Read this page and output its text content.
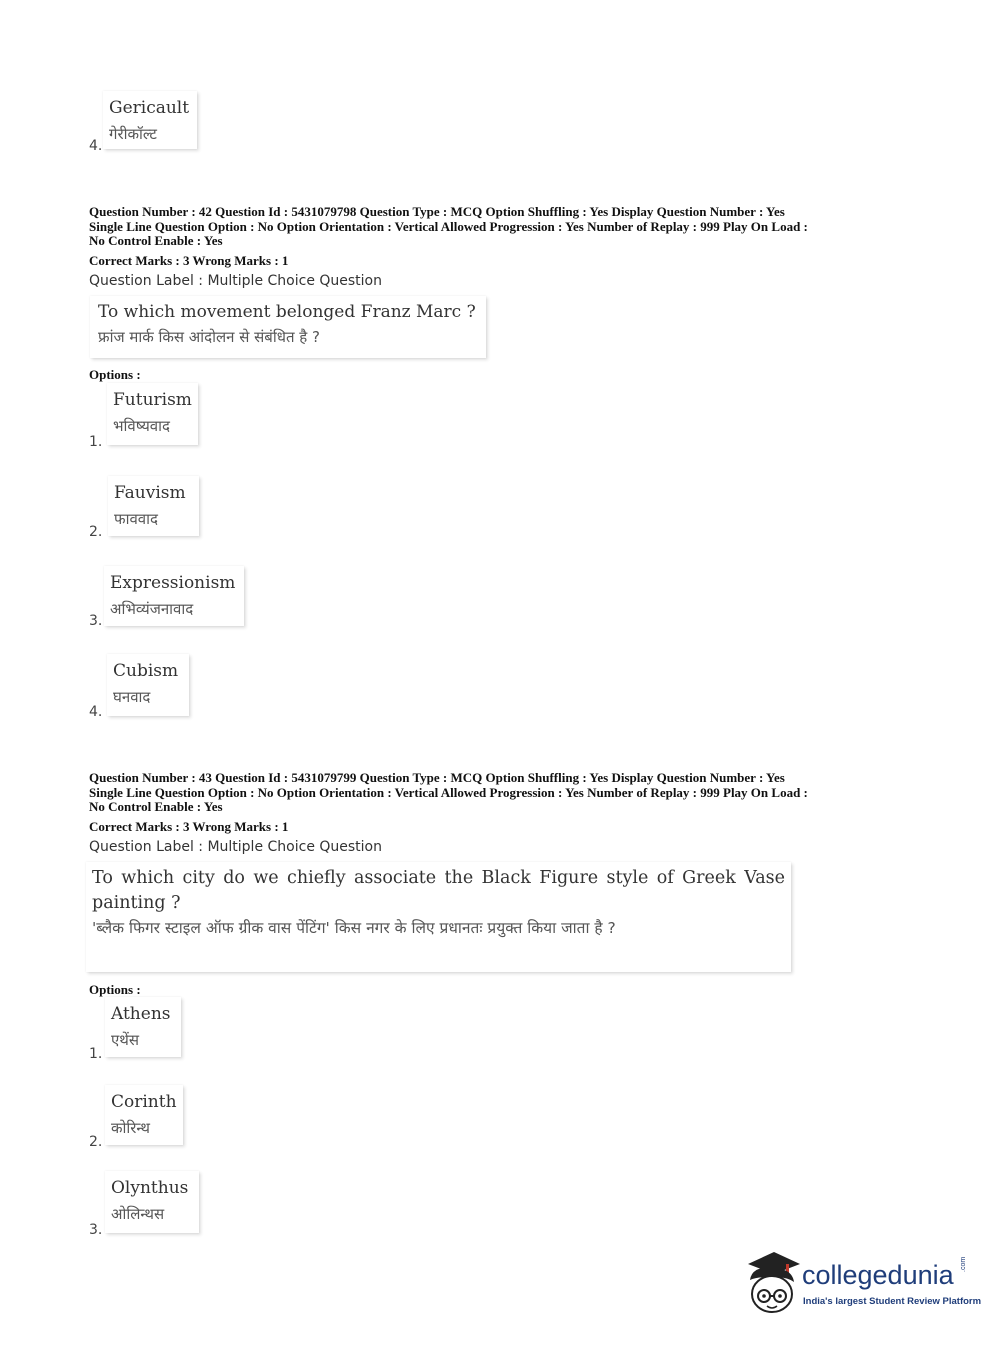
Gericault
गेरीकॉल्ट
4.
Question Number : 42 Question Id : 5431079798 Question Type : MCQ Option Shuffling : Yes Display Question Number : Yes
Single Line Question Option : No Option Orientation : Vertical Allowed Progression : Yes Number of Replay : 999 Play On Load :
No Control Enable : Yes
Correct Marks : 3 Wrong Marks : 1
Question Label : Multiple Choice Question
To which movement belonged Franz Marc ?
फ्रांज मार्क किस आंदोलन से संबंधित है ?
Options :
Futurism
भविष्यवाद
1.
Fauvism
फाववाद
2.
Expressionism
अभिव्यंजनावाद
3.
Cubism
घनवाद
4.
Question Number : 43 Question Id : 5431079799 Question Type : MCQ Option Shuffling : Yes Display Question Number : Yes
Single Line Question Option : No Option Orientation : Vertical Allowed Progression : Yes Number of Replay : 999 Play On Load :
No Control Enable : Yes
Correct Marks : 3 Wrong Marks : 1
Question Label : Multiple Choice Question
To which city do we chiefly associate the Black Figure style of Greek Vase painting ?
'ब्लैक फिगर स्टाइल ऑफ ग्रीक वास पेंटिंग' किस नगर के लिए प्रधानतः प्रयुक्त किया जाता है ?
Options :
Athens
एथेंस
1.
Corinth
कोरिन्थ
2.
Olynthus
ओलिन्थस
3.
collegedunia .com
India's largest Student Review Platform
